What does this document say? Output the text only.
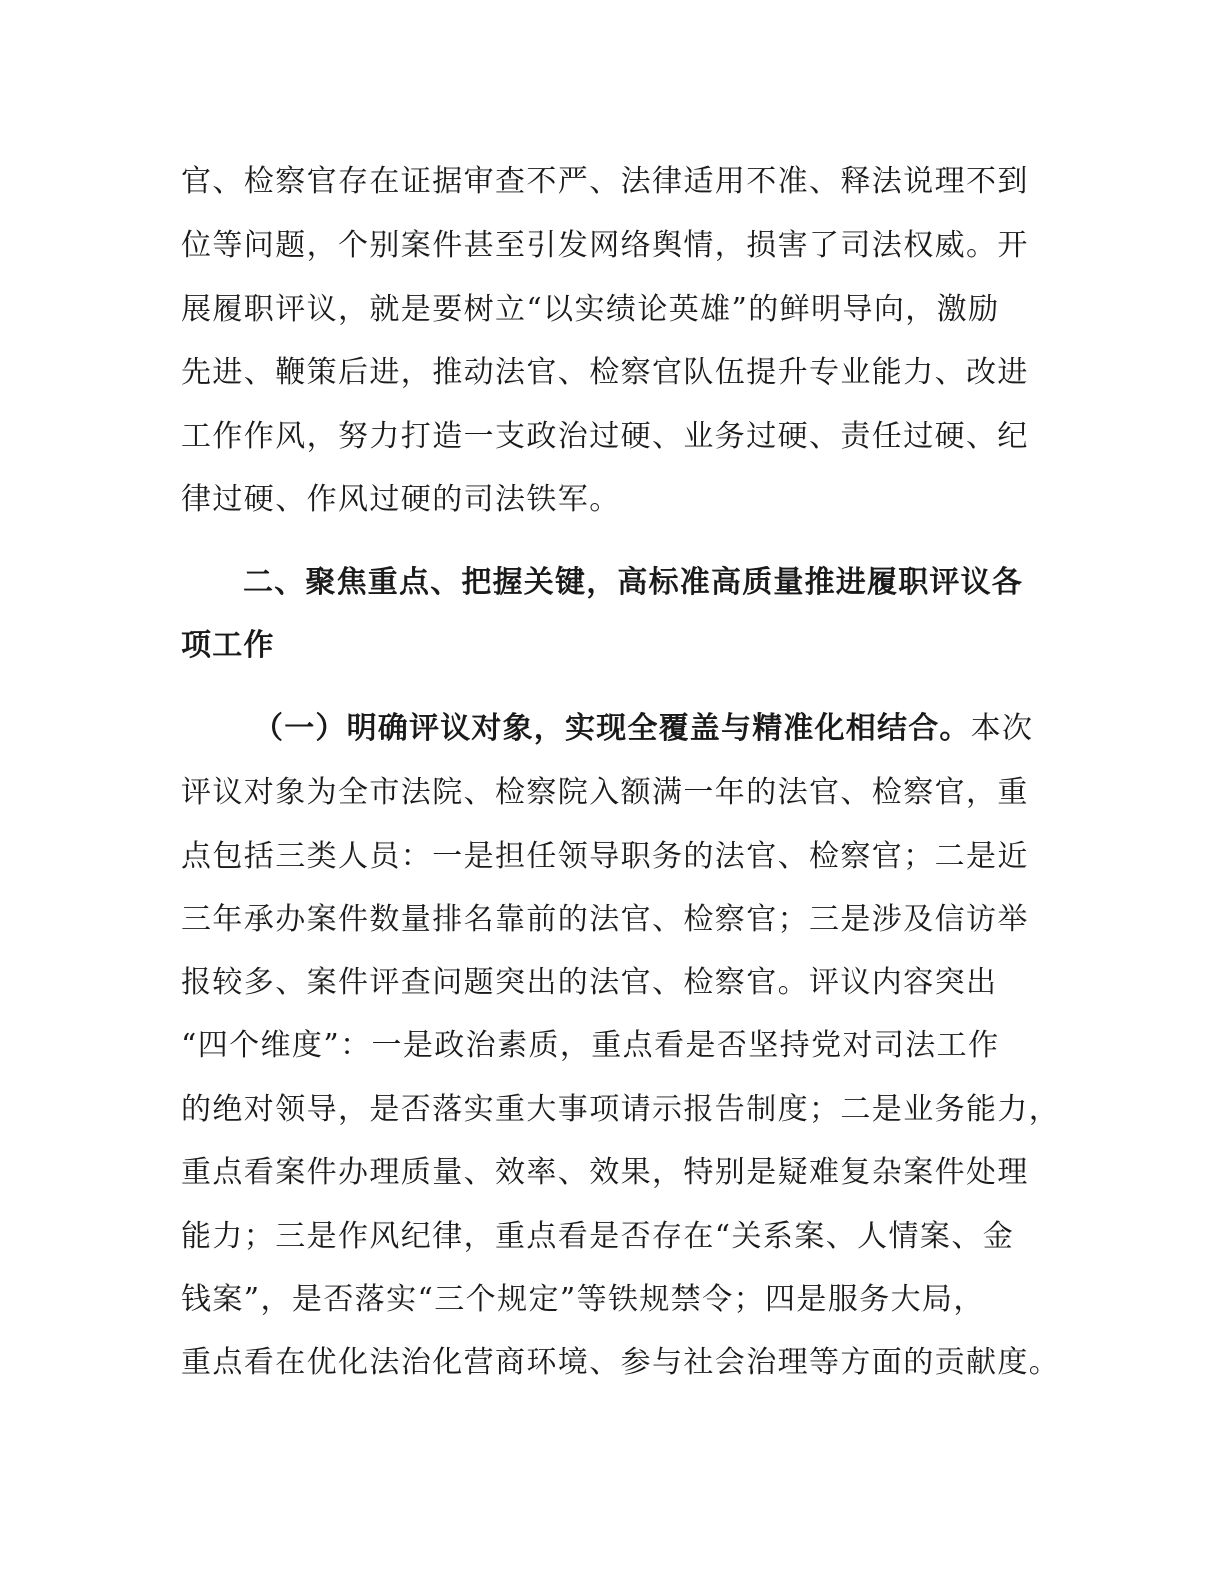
官、检察官存在证据审查不严、法律适用不准、释法说理不到
位等问题，个别案件甚至引发网络舆情，损害了司法权威。开
展履职评议，就是要树立“以实绩论英雄”的鲜明导向，激励
先进、鞭策后进，推动法官、检察官队伍提升专业能力、改进
工作作风，努力打造一支政治过硬、业务过硬、责任过硬、纪
律过硬、作风过硬的司法铁军。
二、聚焦重点、把握关键，高标准高质量推进履职评议各
项工作
（一）明确评议对象，实现全覆盖与精准化相结合。本次
评议对象为全市法院、检察院入额满一年的法官、检察官，重
点包括三类人员：一是担任领导职务的法官、检察官；二是近
三年承办案件数量排名靠前的法官、检察官；三是涉及信访举
报较多、案件评查问题突出的法官、检察官。评议内容突出
“四个维度”：一是政治素质，重点看是否坚持党对司法工作
的绝对领导，是否落实重大事项请示报告制度；二是业务能力，
重点看案件办理质量、效率、效果，特别是疑难复杂案件处理
能力；三是作风纪律，重点看是否存在“关系案、人情案、金
钱案”，是否落实“三个规定”等铁规禁令；四是服务大局，
重点看在优化法治化营商环境、参与社会治理等方面的贡献度。
